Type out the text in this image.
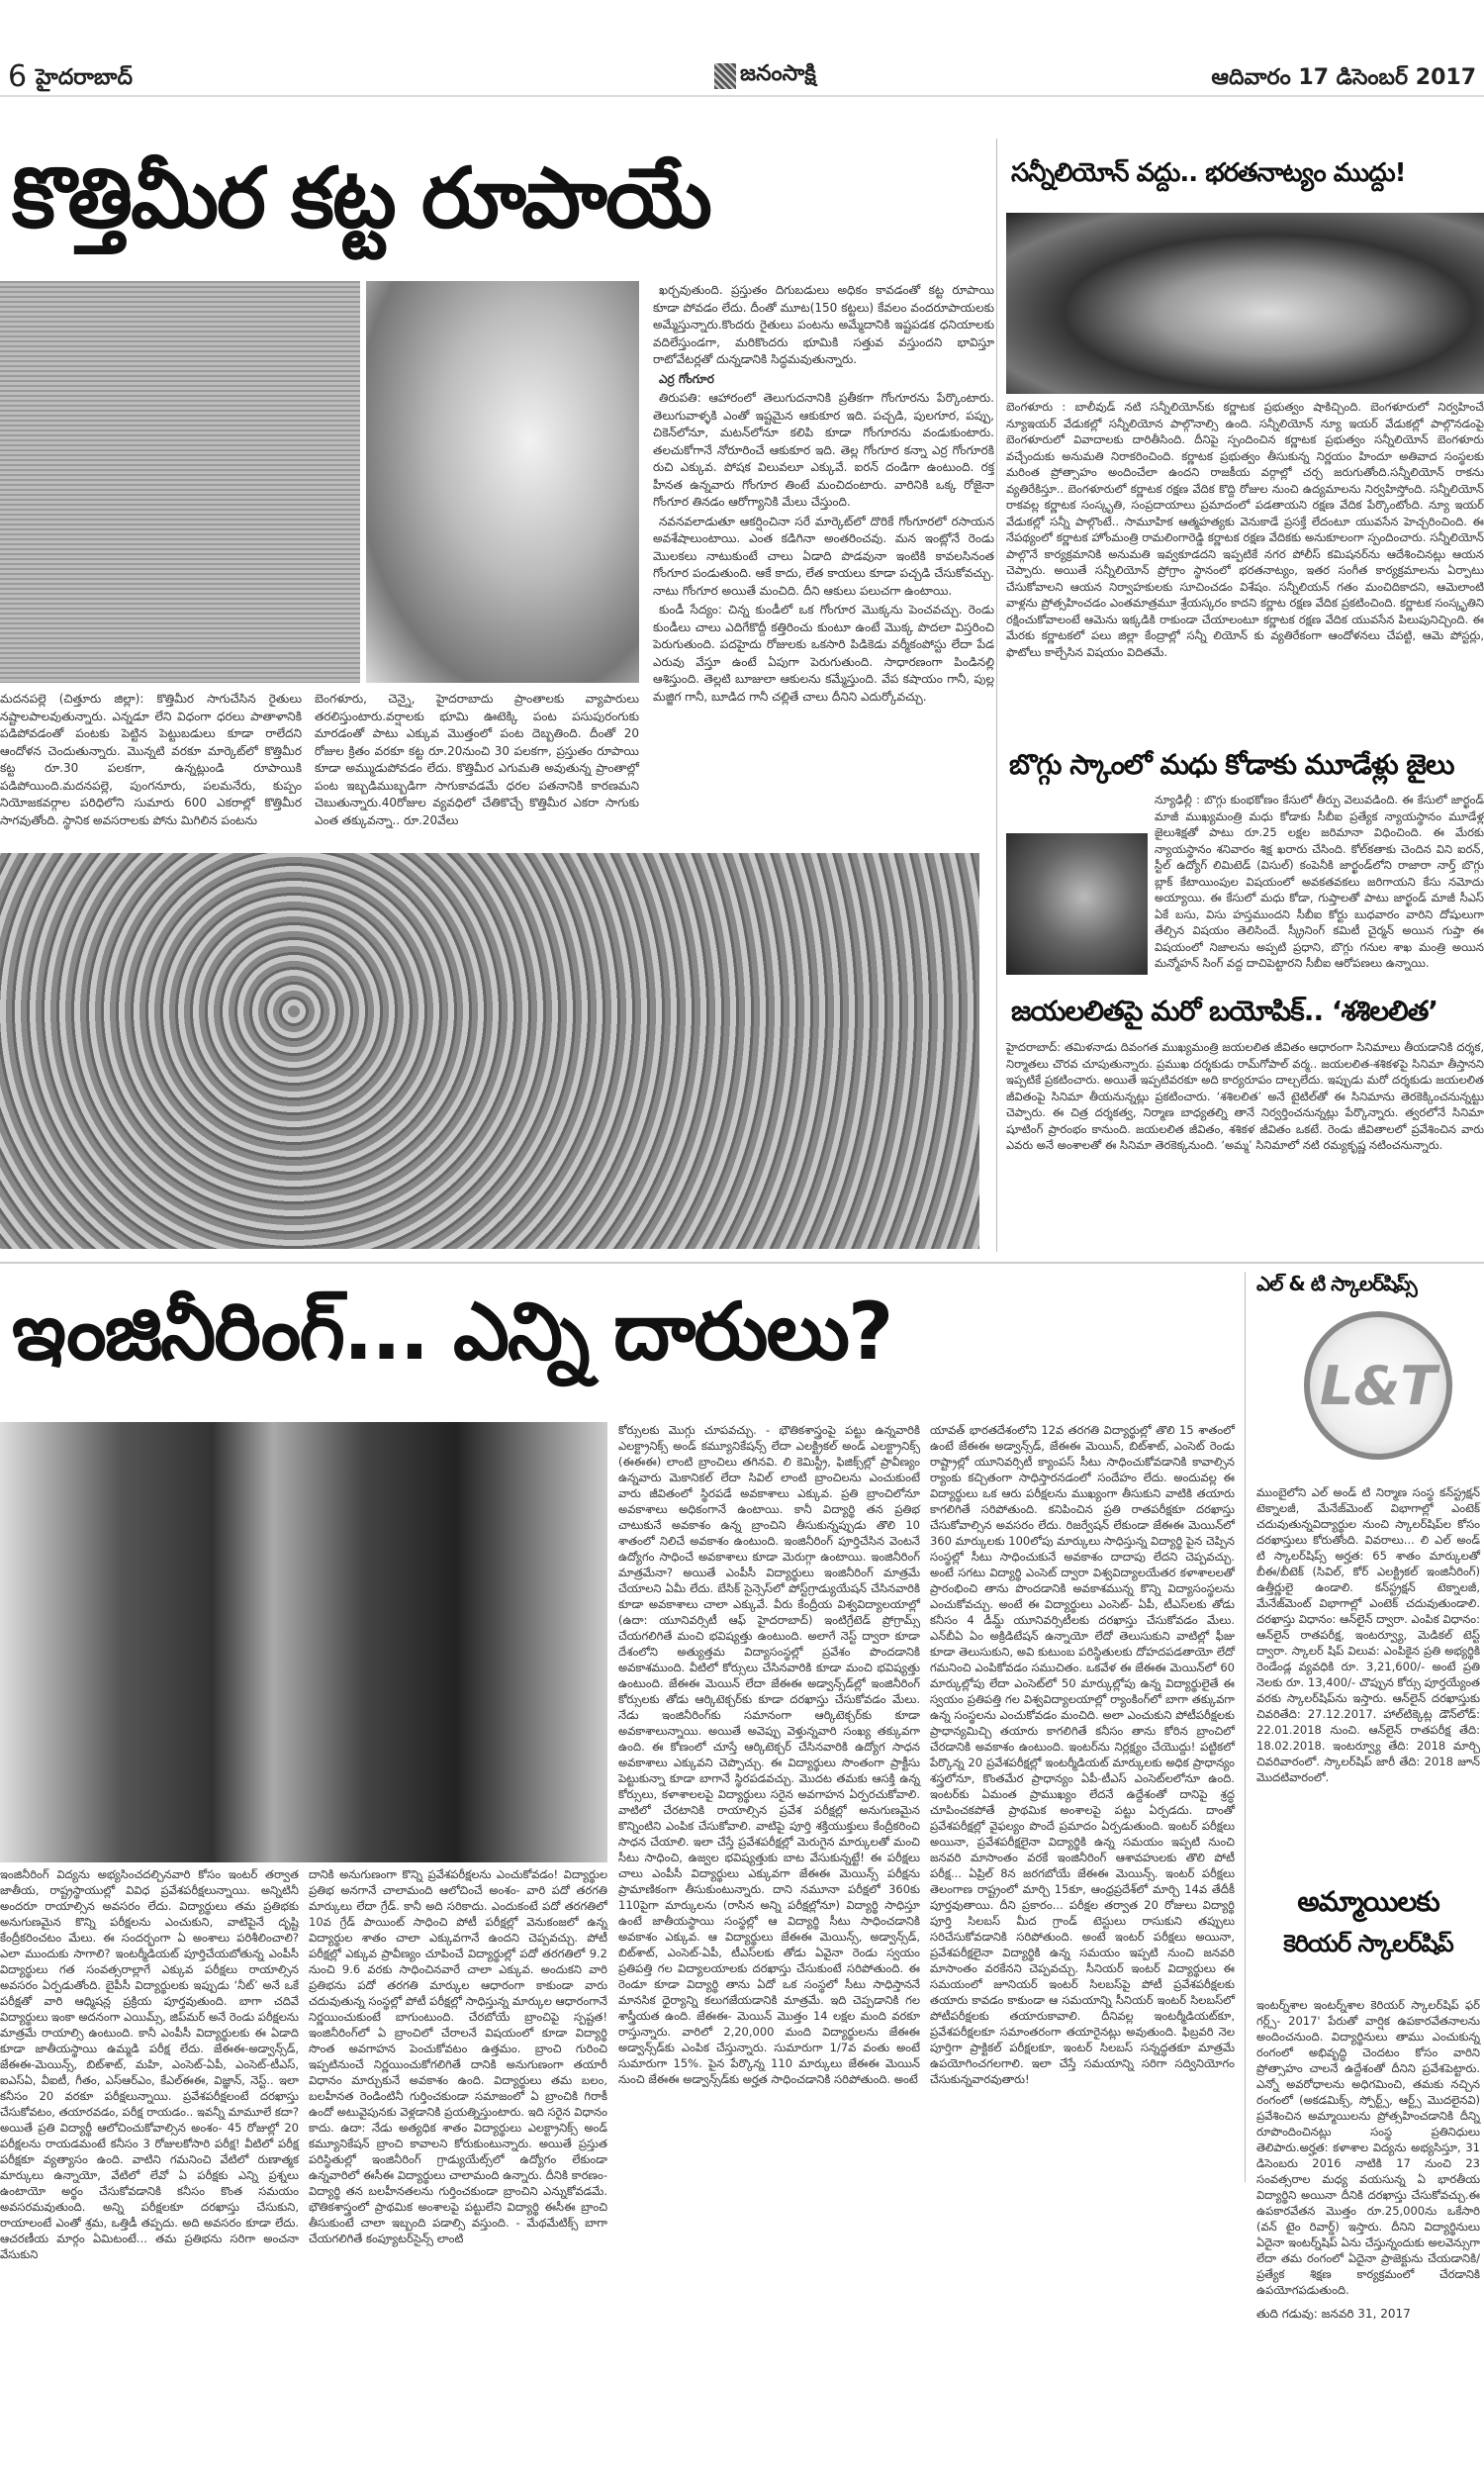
6 హైదరాబాద్	జనంసాక్షి	ఆదివారం 17 డిసెంబర్ 2017
కొత్తిమీర కట్ట రూపాయే
మదనపల్లె (చిత్తూరు జిల్లా): కొత్తిమీర సాగుచేసిన రైతులు నష్టాలపాలవుతున్నారు. ఎన్నడూ లేని విధంగా ధరలు పాతాళానికి పడిపోవడంతో పంటకు పెట్టిన పెట్టుబడులు కూడా రాలేదని ఆందోళన చెందుతున్నారు. మొన్నటి వరకూ మార్కెట్‌లో కొత్తిమీర కట్ట రూ.30 పలకగా, ఉన్నట్లుండి రూపాయికి పడిపోయింది.మదనపల్లె, పుంగనూరు, పలమనేరు, కుప్పం నియోజకవర్గాల పరిధిలోని సుమారు 600 ఎకరాల్లో కొత్తిమీర సాగవుతోంది. స్థానిక అవసరాలకు పోను మిగిలిన పంటను
బెంగళూరు, చెన్నై, హైదరాబాదు ప్రాంతాలకు వ్యాపారులు తరలిస్తుంటారు.వర్షాలకు భూమి ఊటెక్కి పంట పసుపురంగుకు మారడంతో పాటు ఎక్కువ మొత్తంలో పంట దెబ్బతింది. దీంతో 20 రోజుల క్రితం వరకూ కట్ట రూ.20నుంచి 30 పలకగా, ప్రస్తుతం రూపాయి కూడా అమ్ముడుపోవడం లేదు. కొత్తిమీర ఎగుమతి అవుతున్న ప్రాంతాల్లో పంట ఇబ్బడిముబ్బడిగా సాగుకావడమే ధరల పతనానికి కారణమని చెబుతున్నారు.40రోజుల వ్యవధిలో చేతికొచ్చే కొత్తిమీర ఎకరా సాగుకు ఎంత తక్కువన్నా.. రూ.20వేలు

ఖర్చవుతుంది. ప్రస్తుతం దిగుబడులు అధికం కావడంతో కట్ట రూపాయి కూడా పోవడం లేదు. దీంతో మూట(150 కట్టలు) కేవలం వందరూపాయలకు అమ్మేస్తున్నారు.కొందరు రైతులు పంటను అమ్మేదానికి ఇష్టపడక ధనియాలకు వదిలేస్తుండగా, మరికొందరు భూమికి సత్తువ వస్తుందని భావిస్తూ రాటోవేటర్లతో దున్నడానికి సిద్ధమవుతున్నారు.

ఎర్ర గోంగూర

తిరుపతి: ఆహారంలో తెలుగుదనానికి ప్రతీకగా గోంగూరను పేర్కొంటారు. తెలుగువాళ్ళకి ఎంతో ఇష్టమైన ఆకుకూర ఇది. పచ్చడి, పులగూర, పప్పు, చికెన్‌లోనూ, మటన్‌లోనూ కలిపి కూడా గోంగూరను వండుకుంటారు. తలచుకోగానే నోరూరించే ఆకుకూర ఇది. తెల్ల గోంగూర కన్నా ఎర్ర గోంగూరకి రుచి ఎక్కువ. పోషక విలువలూ ఎక్కువే. ఐరన్ దండిగా ఉంటుంది. రక్త హీనత ఉన్నవారు గోంగూర తింటే మంచిదంటారు. వారినికి ఒక్క రోజైనా గోంగూర తినడం ఆరోగ్యానికి మేలు చేస్తుంది.

నవనవలాడుతూ ఆకర్షించినా సరే మార్కెట్‌లో దొరికే గోంగూరలో రసాయన అవశేషాలుంటాయి. ఎంత కడిగినా అంతరించవు. మన ఇంట్లోనే రెండు మొలకలు నాటుకుంటే చాలు ఏడాది పొడవునా ఇంటికి కావలసినంత గోంగూర పండుతుంది. ఆకే కాదు, లేత కాయలు కూడా పచ్చడి చేసుకోవచ్చు. నాటు గోంగూర అయితే మంచిది. దీని ఆకులు పలుచగా ఉంటాయి.

కుండీ సేద్యం: చిన్న కుండీలో ఒక గోంగూర మొక్కను పెంచవచ్చు. రెండు కుండీలు చాలు ఎదిగేకొద్దీ కత్తిరించు కుంటూ ఉంటే మొక్క పొదలా విస్తరించి పెరుగుతుంది. పదహైదు రోజులకు ఒకసారి పిడికెడు వర్మీకంపోస్టు లేదా పేడ ఎరువు వేస్తూ ఉంటే ఏపుగా పెరుగుతుంది. సాధారణంగా పిండినల్లి ఆశిస్తుంది. తెల్లటి బూజులా ఆకులను కమ్మేస్తుంది. వేప కషాయం గానీ, పుల్ల మజ్జిగ గానీ, బూడిద గానీ చల్లితే చాలు దీనిని ఎదుర్కోవచ్చు.

సన్నీలియోన్ వద్దు.. భరతనాట్యం ముద్దు!
బెంగళూరు : బాలీవుడ్ నటి సన్నీలియోన్‌కు కర్ణాటక ప్రభుత్వం షాకిచ్చింది. బెంగళూరులో నిర్వహించే న్యూఇయర్ వేడుకల్లో సన్నీలియోన పాల్గొనాల్సి ఉంది. సన్నీలియోన్ న్యూ ఇయర్ వేడుకల్లో పాల్గొనడంపై బెంగళూరులో వివాదాలకు దారితీసింది. దీనిపై స్పందించిన కర్ణాటక ప్రభుత్వం సన్నీలియోన్ బెంగళూరు వచ్చేందుకు అనుమతి నిరాకరించింది. కర్ణాటక ప్రభుత్వం తీసుకున్న నిర్ణయం హిందూ అతివాద సంస్థలకు మరింత ప్రోత్సాహం అందించేలా ఉందని రాజకీయ వర్గాల్లో చర్చ జరుగుతోంది.సన్నీలియోన్ రాకను వ్యతిరేకిస్తూ.. బెంగళూరులో కర్ణాటక రక్షణ వేదిక కొద్ది రోజుల నుంచి ఉద్యమాలను నిర్వహిస్తోంది. సన్నీలియోన్ రాకవల్ల కర్ణాటక సంస్కృతి, సంప్రదాయాలు ప్రమాదంలో పడతాయని రక్షణ వేదిక పేర్కొంటోంది. న్యూ ఇయర్ వేడుకల్లో సన్నీ పాల్గొంటే.. సామూహిక ఆత్మహత్యకు వెనుకాడే ప్రసక్తే లేదంటూ యువసేన హెచ్చరించింది. ఈ నేపథ్యంలో కర్ణాటక హోంమంత్రి రామలింగారెడ్డి కర్ణాటక రక్షణ వేదికకు అనుకూలంగా స్పందించారు. సన్నీలియోన్ పాల్గొనే కార్యక్రమానికి అనుమతి ఇవ్వకూడదని ఇప్పటికే నగర పోలీస్ కమిషనర్‌ను ఆదేశించినట్లు ఆయన చెప్పారు. అయితే సన్నీలియోన్ ప్రోగ్రాం స్థానంలో భరతనాట్యం, ఇతర సంగీత కార్యక్రమాలను ఏర్పాటు చేసుకోవాలని ఆయన నిర్వాహకులకు సూచించడం విశేషం. సన్నీలియన్ గతం మంచిదికాదని, ఆమెలాంటి వాళ్లను ప్రోత్సహించడం ఎంతమాత్రమూ శ్రేయస్కరం కాదని కర్ణాట రక్షణ వేదిక ప్రకటించింది. కర్ణాటక సంస్కృతిని రక్షించుకోవాలంటే ఆమెను ఇక్కడికి రాకుండా చేయాలంటూ కర్ణాటక రక్షణ వేదిక యువసేన పిలుపునిచ్చింది. ఈ మేరకు కర్ణాటకలో పలు జిల్లా కేంద్రాల్లో సన్నీ లియోన్ కు వ్యతిరేకంగా ఆందోళనలు చేపట్టి, ఆమె పోస్టర్లు, ఫొటోలు కాల్చేసిన విషయం విదితమే.
బొగ్గు స్కాంలో మధు కోడాకు మూడేళ్లు జైలు
న్యూఢిల్లీ : బొగ్గు కుంభకోణం కేసులో తీర్పు వెలువడింది. ఈ కేసులో జార్ఖండ్ మాజీ ముఖ్యమంత్రి మధు కోడాకు సీబీఐ ప్రత్యేక న్యాయస్థానం మూడేళ్ల జైలుశిక్షతో పాటు రూ.25 లక్షల జరిమానా విధించింది. ఈ మేరకు న్యాయస్థానం శనివారం శిక్ష ఖరారు చేసింది. కోల్‌కతాకు చెందిన విని ఐరన్, స్టీల్ ఉద్యోగ్ లిమిటెడ్ (విసుల్) కంపెనీకి జార్ఖండ్‌లోని రాజారా నార్త్ బొగ్గు బ్లాక్ కేటాయింపుల విషయంలో అవకతవకలు జరిగాయని కేసు నమోదు అయ్యాయి. ఈ కేసులో మధు కోడా, గుప్తాలతో పాటు జార్ఖండ్ మాజీ సీఎస్ ఏకే బసు, విసు హస్తముందని సీబీఐ కోర్టు బుధవారం వారిని దోషులుగా తేల్చిన విషయం తెలిసిందే. స్క్రీనింగ్ కమిటీ చైర్మన్ అయిన గుప్తా ఈ విషయంలో నిజాలను అప్పటి ప్రధాని, బొగ్గు గనుల శాఖ మంత్రి అయిన మన్మోహన్ సింగ్ వద్ద దాచిపెట్టారని సీబీఐ ఆరోపణలు ఉన్నాయి.
జయలలితపై మరో బయోపిక్.. ‘శశిలలిత’
హైదరాబాద్: తమిళనాడు దివంగత ముఖ్యమంత్రి జయలలిత జీవితం ఆధారంగా సినిమాలు తీయడానికి దర్శక, నిర్మాతలు చొరవ చూపుతున్నారు. ప్రముఖ దర్శకుడు రామ్‌గోపాల్ వర్మ.. జయలలిత-శశికళపై సినిమా తీస్తానని ఇప్పటికే ప్రకటించారు. అయితే ఇప్పటివరకూ అది కార్యరూపం దాల్చలేదు. ఇప్పుడు మరో దర్శకుడు జయలలిత జీవితంపై సినిమా తీయనున్నట్లు ప్రకటించారు. ‘శశిలలిత’ అనే టైటిల్‌తో ఈ సినిమాను తెరకెక్కించనున్నట్టు చెప్పారు. ఈ చిత్ర దర్శకత్వ, నిర్మాణ బాధ్యతల్ని తానే నిర్వర్తించనున్నట్లు పేర్కొన్నారు. త్వరలోనే సినిమా షూటింగ్ ప్రారంభం కానుంది. జయలలిత జీవితం, శశికళ జీవితం ఒకటే. రెండు జీవితాలలో ప్రవేశించిన వారు ఎవరు అనే అంశాలతో ఈ సినిమా తెరకెక్కనుంది. ‘అమ్మ’ సినిమాలో నటి రమ్యకృష్ణ నటించనున్నారు.
ఇంజినీరింగ్... ఎన్ని దారులు?
ఇంజినీరింగ్ విద్యను అభ్యసించదల్చినవారి కోసం ఇంటర్ తర్వాత జాతీయ, రాష్ట్రస్థాయుల్లో వివిధ ప్రవేశపరీక్షలున్నాయి. అన్నిటినీ అందరూ రాయాల్సిన అవసరం లేదు. విద్యార్థులు తమ ప్రతిభకు అనుగుణమైన కొన్ని పరీక్షలను ఎంచుకుని, వాటిపైనే దృష్టి కేంద్రీకరించటం మేలు. ఈ సందర్భంగా ఏ అంశాలు పరిశీలించాలి? ఎలా ముందుకు సాగాలి? ఇంటర్మీడియట్ పూర్తిచేయబోతున్న ఎంపీసీ విద్యార్థులు గత సంవత్సరాల్లాగే ఎక్కువ పరీక్షలు రాయాల్సిన అవసరం ఏర్పడుతోంది. బైపీసీ విద్యార్థులకు ఇప్పుడు ‘నీట్’ అనే ఒకే పరీక్షతో వారి ఆధ్మిషన్ల ప్రక్రియ పూర్తవుతుంది. బాగా చదివే విద్యార్థులు ఇంకా అదనంగా ఎయిమ్స్, జిప్‌మర్ అనే రెండు పరీక్షలను మాత్రమే రాయాల్సి ఉంటుంది. కానీ ఎంపీసీ విద్యార్థులకు ఈ ఏడాది కూడా జాతీయస్థాయి ఉమ్మడి పరీక్ష లేదు. జేఈఈ-అడ్వాన్స్‌డ్, జేఈఈ-మెయిన్స్, బిట్‌శాట్, మహి, ఎంసెట్-ఏపీ, ఎంసెట్-టీఎస్, ఐఎస్‌ఏ, వీఐటీ, గీతం, ఎస్‌ఆర్‌ఎం, కేఎల్‌ఈఈ, విజ్ఞాన్, నెస్ట్.. ఇలా కనీసం 20 వరకూ పరీక్షలున్నాయి. ప్రవేశపరీక్షలంటే దరఖాస్తు చేసుకోవటం, తయారవడం, పరీక్ష రాయడం.. ఇవన్నీ మామూలే కదా? అయితే ప్రతి విద్యార్థీ ఆలోచించుకోవాల్సిన అంశం- 45 రోజుల్లో 20 పరీక్షలను రాయడమంటే కనీసం 3 రోజులకోసారి పరీక్ష! వీటిలో పరీక్ష పరీక్షకూ వ్యత్యాసం ఉంది. వాటిని గమనించి వేటిలో రుణాత్మక మార్కులు ఉన్నాయో, వేటిలో లేవో ఏ పరీక్షకు ఎన్ని ప్రశ్నలు ఉంటాయో అర్థం చేసుకోవడానికి కనీసం కొంత సమయం అవసరమవుతుంది. అన్ని పరీక్షలకూ దరఖాస్తు చేసుకుని, రాయాలంటే ఎంతో శ్రమ, ఒత్తిడీ తప్పదు. అది అవసరం కూడా లేదు. ఆచరణీయ మార్గం ఏమిటంటే... తమ ప్రతిభను సరిగా అంచనా వేసుకుని
దానికి అనుగుణంగా కొన్ని ప్రవేశపరీక్షలను ఎంచుకోవడం! విద్యార్థుల ప్రతిభ అనగానే చాలామంది ఆలోచించే అంశం- వారి పదో తరగతి మార్కులు లేదా గ్రేడ్. కానీ అది సరికాదు. ఎందుకంటే పదో తరగతిలో 10వ గ్రేడ్ పాయింట్ సాధించి పోటీ పరీక్షల్లో వెనుకంజలో ఉన్న విద్యార్థుల శాతం చాలా ఎక్కువగానే ఉందని చెప్పవచ్చు. పోటీ పరీక్షల్లో ఎక్కువ ప్రావీణ్యం చూపించే విద్యార్థుల్లో పదో తరగతిలో 9.2 నుంచి 9.6 వరకు సాధించినవారే చాలా ఎక్కువ. అందుకని వారి ప్రతిభను పదో తరగతి మార్కుల ఆధారంగా కాకుండా వారు చదువుతున్న సంస్థల్లో పోటీ పరీక్షల్లో సాధిస్తున్న మార్కుల ఆధారంగానే నిర్ణయించుకుంటే బాగుంటుంది. చేరబోయే బ్రాంచిపై స్పష్టత! ఇంజినీరింగ్‌లో ఏ బ్రాంచిలో చేరాలనే విషయంలో కూడా విద్యార్థి సొంత అవగాహన పెంచుకోవటం ఉత్తమం. బ్రాంచి గురించి ఇప్పటినుంచే నిర్ణయించుకోగలిగితే దానికి అనుగుణంగా తయారీ విధానం మార్చుకునే అవకాశం ఉంది. విద్యార్థులు తమ బలం, బలహీనత రెండింటినీ గుర్తించకుండా సమాజంలో ఏ బ్రాంచికి గిరాకీ ఉందో అటువైపునకు వెళ్లడానికి ప్రయత్నిస్తుంటారు. ఇది సరైన విధానం కాదు. ఉదా: నేడు అత్యధిక శాతం విద్యార్థులు ఎలక్ట్రానిక్స్ అండ్ కమ్యూనికేషన్ బ్రాంచి కావాలని కోరుకుంటున్నారు. అయితే ప్రస్తుత పరిస్థితుల్లో ఇంజినీరింగ్ గ్రాడ్యుయేట్స్‌లో ఉద్యోగం లేకుండా ఉన్నవారిలో ఈసీఈ విద్యార్థులు చాలామంది ఉన్నారు. దీనికి కారణం- విద్యార్థి తన బలహీనతలను గుర్తించకుండా బ్రాంచిని ఎన్నుకోవడమే. భౌతికశాస్త్రంలో ప్రాథమిక అంశాలపై పట్టులేని విద్యార్థి ఈసీఈ బ్రాంచి తీసుకుంటే చాలా ఇబ్బంది పడాల్సి వస్తుంది. - మేథమేటిక్స్ బాగా చేయగలిగితే కంప్యూటర్‌సైన్స్ లాంటి
కోర్సులకు మొగ్గు చూపవచ్చు. - భౌతికశాస్త్రంపై పట్టు ఉన్నవారికి ఎలక్ట్రానిక్స్ అండ్ కమ్యూనికేషన్స్ లేదా ఎలక్ట్రికల్ అండ్ ఎలక్ట్రానిక్స్ (ఈఈఈ) లాంటి బ్రాంచిలు తగినవి. లి కెమిస్ట్రీ, ఫిజిక్స్‌ల్లో ప్రావీణ్యం ఉన్నవారు మెకానికల్ లేదా సివిల్ లాంటి బ్రాంచిలను ఎంచుకుంటే వారు జీవితంలో స్థిరపడే అవకాశాలు ఎక్కువ. ప్రతి బ్రాంచిలోనూ అవకాశాలు అధికంగానే ఉంటాయి. కానీ విద్యార్థి తన ప్రతిభ చాటుకునే అవకాశం ఉన్న బ్రాంచిని తీసుకున్నప్పుడు తొలి 10 శాతంలో నిలిచే అవకాశం ఉంటుంది. ఇంజినీరింగ్ పూర్తిచేసిన వెంటనే ఉద్యోగం సాధించే అవకాశాలు కూడా మెరుగ్గా ఉంటాయి. ఇంజినీరింగ్ మాత్రమేనా? అయితే ఎంపీసీ విద్యార్థులు ఇంజినీరింగ్ మాత్రమే చేయాలని ఏమీ లేదు. బేసిక్ సైన్సెస్‌లో పోస్ట్‌గ్రాడ్యుయేషన్ చేసినవారికి కూడా అవకాశాలు చాలా ఎక్కువే. వీరు కేంద్రీయ విశ్వవిద్యాలయాల్లో (ఉదా: యూనివర్సిటీ ఆఫ్ హైదరాబాద్) ఇంటిగ్రేటెడ్ ప్రోగ్రామ్స్ చేయగలిగితే మంచి భవిష్యత్తు ఉంటుంది. అలాగే నెస్ట్ ద్వారా కూడా దేశంలోని అత్యుత్తమ విద్యాసంస్థల్లో ప్రవేశం పొందడానికి అవకాశముంది. వీటిలో కోర్సులు చేసినవారికి కూడా మంచి భవిష్యత్తు ఉంటుంది. జేఈఈ మెయిన్ లేదా జేఈఈ అడ్వాన్స్‌డ్‌ల్లో ఇంజినీరింగ్ కోర్సులకు తోడు ఆర్కిటెక్చర్‌కు కూడా దరఖాస్తు చేసుకోవడం మేలు. నేడు ఇంజినీరింగ్‌కు సమానంగా ఆర్కిటెక్చర్‌కు కూడా అవకాశాలున్నాయి. అయితే అవెప్పు వెళ్తున్నవారి సంఖ్య తక్కువగా ఉంది. ఈ కోణంలో చూస్తే ఆర్కిటెక్చర్ చేసినవారికి ఉద్యోగ సాధన అవకాశాలు ఎక్కువని చెప్పొచ్చు. ఈ విద్యార్థులు సొంతంగా ప్రాక్టీసు పెట్టుకున్నా కూడా బాగానే స్థిరపడవచ్చు. మొదట తమకు ఆసక్తి ఉన్న కోర్సులు, కళాశాలలపై విద్యార్థులు సరైన అవగాహన ఏర్పరచుకోవాలి. వాటిలో చేరటానికి రాయాల్సిన ప్రవేశ పరీక్షల్లో అనుగుణమైన కొన్నింటిని ఎంపిక చేసుకోవాలి. వాటిపై పూర్తి శక్తియుక్తులు కేంద్రీకరించి సాధన చేయాలి. ఇలా చేస్తే ప్రవేశపరీక్షల్లో మెరుగైన మార్కులతో మంచి సీటు సాధించి, ఉజ్వల భవిష్యత్తుకు బాట వేసుకున్నట్టే! ఈ పరీక్షలు చాలు ఎంపీసీ విద్యార్థులు ఎక్కువగా జేఈఈ మెయిన్స్ పరీక్షను ప్రామాణికంగా తీసుకుంటున్నారు. దాని నమూనా పరీక్షలో 360కు 110పైగా మార్కులను (రాసిన అన్ని పరీక్షల్లోనూ) విద్యార్థి సాధిస్తూ ఉంటే జాతీయస్థాయి సంస్థల్లో ఆ విద్యార్థి సీటు సాధించడానికి అవకాశం ఎక్కువ. ఆ విద్యార్థులు జేఈఈ మెయిన్స్, అడ్వాన్స్‌డ్, బిట్‌శాట్, ఎంసెట్-ఏపీ, టీఎస్‌లకు తోడు ఏవైనా రెండు స్వయం ప్రతిపత్తి గల విద్యాలయాలకు దరఖాస్తు చేసుకుంటే సరిపోతుంది. ఈ రెండూ కూడా విద్యార్థి తాను ఏదో ఒక సంస్థలో సీటు సాధిస్తాననే మానసిక ధైర్యాన్ని కలుగజేయడానికి మాత్రమే. ఇది చెప్పడానికి గల శాస్త్రీయత ఉంది. జేఈఈ- మెయిన్ మొత్తం 14 లక్షల మంది వరకూ రాస్తున్నారు. వారిలో 2,20,000 మంది విద్యార్థులను జేఈఈ అడ్వాన్స్‌డ్‌కు ఎంపిక చేస్తున్నారు. సుమారుగా 1/7వ వంతు అంటే సుమారుగా 15%. పైన పేర్కొన్న 110 మార్కులు జేఈఈ మెయిన్ నుంచి జేఈఈ అడ్వాన్స్‌డ్‌కు అర్హత సాధించడానికి సరిపోతుంది. అంటే
యావత్ భారతదేశంలోని 12వ తరగతి విద్యార్థుల్లో తొలి 15 శాతంలో ఉంటే జేఈఈ అడ్వాన్స్‌డ్, జేఈఈ మెయిన్, బిట్‌శాట్, ఎంసెట్ రెండు రాష్ట్రాల్లో యూనివర్సిటీ క్యాంపస్ సీటు సాధించుకోవడానికి కావాల్సిన ర్యాంకు కచ్చితంగా సాధిస్తారనడంలో సందేహం లేదు. అందువల్ల ఈ విద్యార్థులు ఒక ఆరు పరీక్షలను ముఖ్యంగా తీసుకుని వాటికి తయారు కాగలిగితే సరిపోతుంది. కనిపించిన ప్రతి రాతపరీక్షకూ దరఖాస్తు చేసుకోవాల్సిన అవసరం లేదు. రిజర్వేషన్ లేకుండా జేఈఈ మెయిన్‌లో 360 మార్కులకు 100లోపు మార్కులు సాధిస్తున్న విద్యార్థి పైన చెప్పిన సంస్థల్లో సీటు సాధించుకునే అవకాశం దాదాపు లేదని చెప్పవచ్చు. అంటే సగటు విద్యార్థి ఎంసెట్ ద్వారా విశ్వవిద్యాలయేతర కళాశాలలతో ప్రారంభించి తాను పొందడానికి అవకాశమున్న కొన్ని విద్యాసంస్థలను ఎంచుకోవచ్చు. అంటే ఈ విద్యార్థులు ఎంసెట్- ఏపీ, టీఎస్‌లకు తోడు కనీసం 4 డీమ్డ్ యూనివర్సిటీలకు దరఖాస్తు చేసుకోవడం మేలు. ఎన్‌బీఏ ఏం అక్రిడిటేషన్ ఉన్నాయో లేదో తెలుసుకుని వాటిల్లో ఫీజు కూడా తెలుసుకుని, అవి కుటుంబ పరిస్థితులకు దోహదపడతాయో లేదో గమనించి ఎంపికోవడం సముచితం. ఒకవేళ ఈ జేఈఈ మెయిన్‌లో 60 మార్కుల్లోపు లేదా ఎంసెట్‌లో 50 మార్కుల్లోపు ఉన్న విద్యార్థులైతే ఈ స్వయం ప్రతిపత్తి గల విశ్వవిద్యాలయాల్లో ర్యాంకింగ్‌లో బాగా తక్కువగా ఉన్న సంస్థలను ఎంచుకోవడం మంచిది. అలా ఎంచుకుని పోటీపరీక్షలకు ప్రాధాన్యమిచ్చి తయారు కాగలిగితే కనీసం తాను కోరిన బ్రాంచిలో చేరడానికి అవకాశం ఉంటుంది. ఇంటర్‌ను నిర్లక్ష్యం చేయొద్దు! పట్టికలో పేర్కొన్న 20 ప్రవేశపరీక్షల్లో ఇంటర్మీడియట్ మార్కులకు అధిక ప్రాధాన్యం శస్త్రలోనూ, కొంతమేర ప్రాధాన్యం ఏపీ-టీఎస్ ఎంసెట్‌లలోనూ ఉంది. ఇంటర్‌కు ఏమంత ప్రాముఖ్యం లేదనే ఉద్దేశంతో దానిపై శ్రద్ధ చూపించకపోతే ప్రాథమిక అంశాలపై పట్టు ఏర్పడదు. దాంతో ప్రవేశపరీక్షల్లో వైఫల్యం పొందే ప్రమాదం ఏర్పడుతుంది. ఇంటర్ పరీక్షలు అయినా, ప్రవేశపరీక్షలైనా విద్యార్థికి ఉన్న సమయం ఇప్పటి నుంచి జనవరి మాసాంతం వరకే ఇంజినీరింగ్ ఆశావహులకు తొలి పోటీ పరీక్ష... ఏప్రిల్ 8న జరగబోయే జేఈఈ మెయిన్స్. ఇంటర్ పరీక్షలు తెలంగాణ రాష్ట్రంలో మార్చి 15కూ, ఆంధ్రప్రదేశ్‌లో మార్చి 14వ తేదీకీ పూర్తవుతాయి. దీని ప్రకారం... పరీక్షల తర్వాత 20 రోజులు విద్యార్థి పూర్తి సిలబస్ మీద గ్రాండ్ టెస్టులు రాసుకుని తప్పులు సరిచేసుకోవడానికి సరిపోతుంది. అంటే ఇంటర్ పరీక్షలు అయినా, ప్రవేశపరీక్షలైనా విద్యార్థికి ఉన్న సమయం ఇప్పటి నుంచి జనవరి మాసాంతం వరకేనని చెప్పవచ్చు. సీనియర్ ఇంటర్ విద్యార్థులు ఈ సమయంలో జూనియర్ ఇంటర్ సిలబస్‌పై పోటీ ప్రవేశపరీక్షలకు తయారు కావడం కాకుండా ఆ సమయాన్ని సీనియర్ ఇంటర్ సిలబస్‌లో పోటీపరీక్షలకు తయారుకావాలి. దీనివల్ల ఇంటర్మీడియట్‌కూ, ప్రవేశపరీక్షలకూ సమాంతరంగా తయారైనట్లు అవుతుంది. ఫిబ్రవరి నెల పూర్తిగా ప్రాక్టికల్ పరీక్షలకూ, ఇంటర్ సిలబస్ సన్నద్ధతకూ మాత్రమే ఉపయోగించగలగాలి. ఇలా చేస్తే సమయాన్ని సరిగా సద్వినియోగం చేసుకున్నవారవుతారు!
ఎల్ & టి స్కాలర్‌షిప్స్
L&T
ముంబైలోని ఎల్ అండ్ టి నిర్మాణ సంస్థ కన్‌స్ట్రక్షన్ టెక్నాలజీ, మేనేజ్‌మెంట్ విభాగాల్లో ఎంటెక్ చదువుతున్నవిద్యార్థుల నుంచి స్కాలర్‌షిప్‌ల కోసం దరఖాస్తులు కోరుతోంది. వివరాలు... లి ఎల్ అండ్ టి స్కాలర్‌షిప్స్ అర్హత: 65 శాతం మార్కులతో బీఈ/బీటెక్ (సివిల్, కోర్ ఎలక్ట్రికల్ ఇంజినీరింగ్) ఉత్తీర్ణులై ఉండాలి. కన్‌స్ట్రక్షన్ టెక్నాలజీ, మేనేజ్‌మెంట్ విభాగాల్లో ఎంటెక్ చదువుతుండాలి. దరఖాస్తు విధానం: ఆన్‌లైన్ ద్వారా. ఎంపిక విధానం: ఆన్‌లైన్ రాతపరీక్ష, ఇంటర్వ్యూ, మెడికల్ టెస్ట్ ద్వారా. స్కాలర్ షిప్ విలువ: ఎంపికైన ప్రతి అభ్యర్థికి రెండేండ్ల వ్యవధికి రూ. 3,21,600/- అంటే ప్రతి నెలకు రూ. 13,400/- చొప్పున కోర్సు పూర్తయ్యేంత వరకు స్కాలర్‌షిప్‌ను ఇస్తారు. ఆన్‌లైన్ దరఖాస్తుకు చివరితేది: 27.12.2017. హాల్‌టిక్కెట్ల డౌన్‌లోడ్: 22.01.2018 నుంచి. ఆన్‌లైన్ రాతపరీక్ష తేది: 18.02.2018. ఇంటర్వ్యూ తేది: 2018 మార్చి చివరివారంలో. స్కాలర్‌షిప్ జారీ తేది: 2018 జూన్ మొదటివారంలో.
అమ్మాయిలకు
కెరియర్ స్కాలర్‌షిప్
ఇంటర్న్‌శాల ఇంటర్న్‌శాల కెరియర్ స్కాలర్‌షిప్ ఫర్ గర్ల్స్- 2017' పేరుతో వార్షిక ఉపకారవేతనాలను అందించనుంది. విద్యార్థినులు తాము ఎంచుకున్న రంగంలో అభివృద్ధి చెందటం కోసం వారిని ప్రోత్సాహం చాలనే ఉద్దేశంతో దీనిని ప్రవేశపెట్టారు. ఎన్నో అవరోధాలను అధిగమించి, తమకు నచ్చిన రంగంలో (అకడమిక్స్, స్పోర్ట్స్, ఆర్ట్స్ మొదలైనవి) ప్రవేశించిన అమ్మాయిలను ప్రోత్సహించడానికి దీన్ని రూపొందించినట్లు సంస్థ ప్రతినిధులు తెలిపారు.అర్హత: కళాశాల విద్యను అభ్యసిస్తూ, 31 డిసెంబరు 2016 నాటికి 17 నుంచి 23 సంవత్సరాల మధ్య వయసున్న ఏ భారతీయ విద్యార్థిని అయినా దీనికి దరఖాస్తు చేసుకోవచ్చు.ఈ ఉపకారవేతన మొత్తం రూ.25,000ను ఒకేసారి (వన్ టైం రివార్డ్) ఇస్తారు. దీనిని విద్యార్థినులు ఏదైనా ఇంటర్న్‌షిప్ ఏను చేస్తున్నందుకు అలవెన్సుగా లేదా తమ రంగంలో ఏదైనా ప్రాజెక్టును చేయడానికి/ప్రత్యేక శిక్షణ కార్యక్రమంలో చేరడానికి ఉపయోగపడుతుంది.
తుది గడువు: జనవరి 31, 2017
